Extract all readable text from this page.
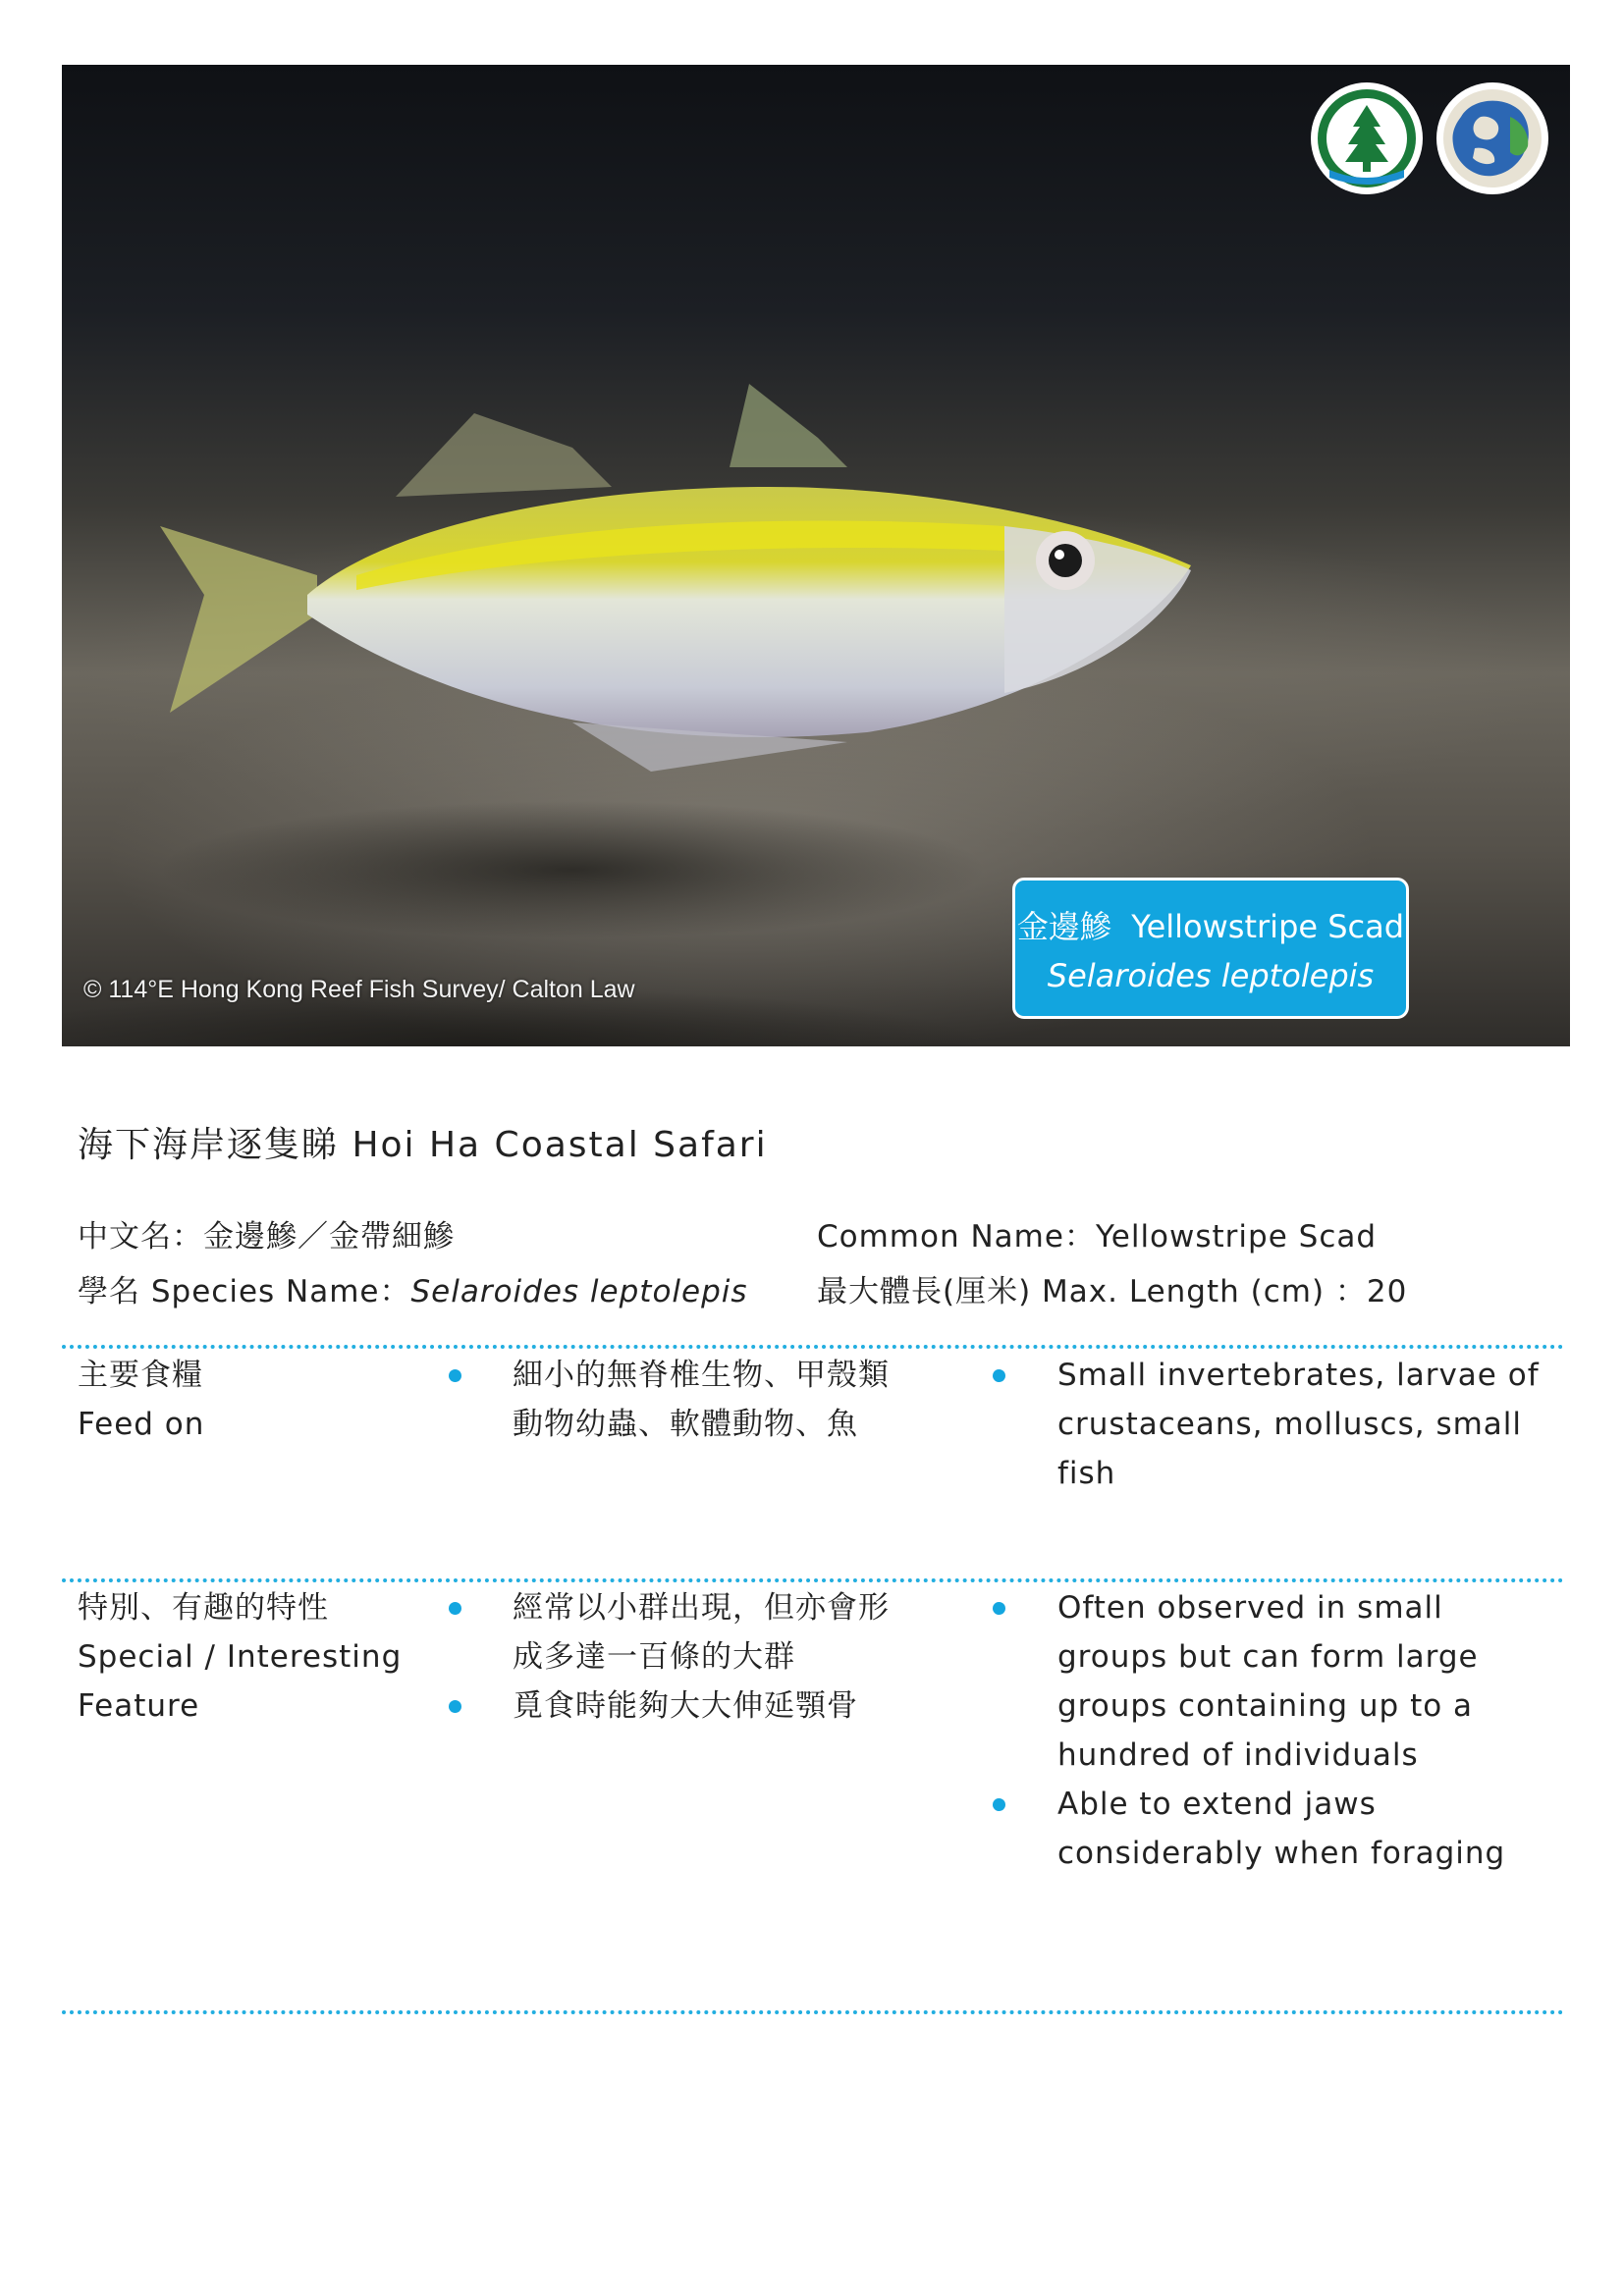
金邊鰺 Yellowstripe Scad
Selaroides leptolepis
© 114°E Hong Kong Reef Fish Survey/ Calton Law
海下海岸逐隻睇 Hoi Ha Coastal Safari
中文名：金邊鰺／金帶細鰺	Common Name：Yellowstripe Scad
學名 Species Name：Selaroides leptolepis 最大體長(厘米) Max. Length (cm) ：20
主要食糧
Feed on
細小的無脊椎生物、甲殼類
動物幼蟲、軟體動物、魚
Small invertebrates, larvae of
crustaceans, molluscs, small
fish
特別、有趣的特性
Special / Interesting
Feature
經常以小群出現，但亦會形
成多達一百條的大群
覓食時能夠大大伸延顎骨
Often observed in small
groups but can form large
groups containing up to a
hundred of individuals
Able to extend jaws
considerably when foraging
